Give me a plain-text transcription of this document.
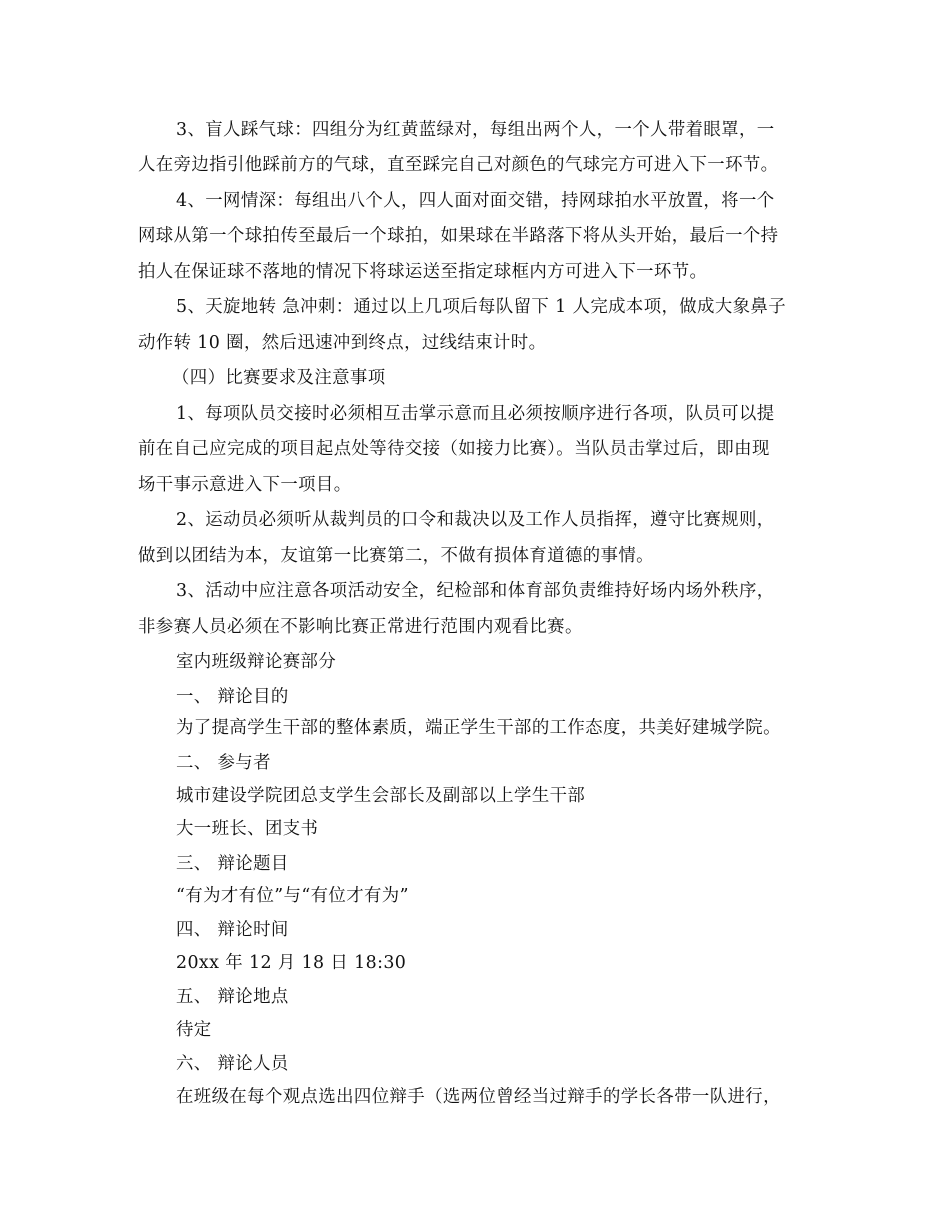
3、盲人踩气球：四组分为红黄蓝绿对，每组出两个人，一个人带着眼罩，一
人在旁边指引他踩前方的气球，直至踩完自己对颜色的气球完方可进入下一环节。
4、一网情深：每组出八个人，四人面对面交错，持网球拍水平放置，将一个
网球从第一个球拍传至最后一个球拍，如果球在半路落下将从头开始，最后一个持
拍人在保证球不落地的情况下将球运送至指定球框内方可进入下一环节。
5、天旋地转 急冲刺：通过以上几项后每队留下 1 人完成本项，做成大象鼻子
动作转 10 圈，然后迅速冲到终点，过线结束计时。
（四）比赛要求及注意事项
1、每项队员交接时必须相互击掌示意而且必须按顺序进行各项，队员可以提
前在自己应完成的项目起点处等待交接（如接力比赛）。当队员击掌过后，即由现
场干事示意进入下一项目。
2、运动员必须听从裁判员的口令和裁决以及工作人员指挥，遵守比赛规则，
做到以团结为本，友谊第一比赛第二，不做有损体育道德的事情。
3、活动中应注意各项活动安全，纪检部和体育部负责维持好场内场外秩序，
非参赛人员必须在不影响比赛正常进行范围内观看比赛。
室内班级辩论赛部分
一、 辩论目的
为了提高学生干部的整体素质，端正学生干部的工作态度，共美好建城学院。
二、 参与者
城市建设学院团总支学生会部长及副部以上学生干部
大一班长、团支书
三、 辩论题目
“有为才有位”与“有位才有为”
四、 辩论时间
20xx 年 12 月 18 日 18:30
五、 辩论地点
待定
六、 辩论人员
在班级在每个观点选出四位辩手（选两位曾经当过辩手的学长各带一队进行，
